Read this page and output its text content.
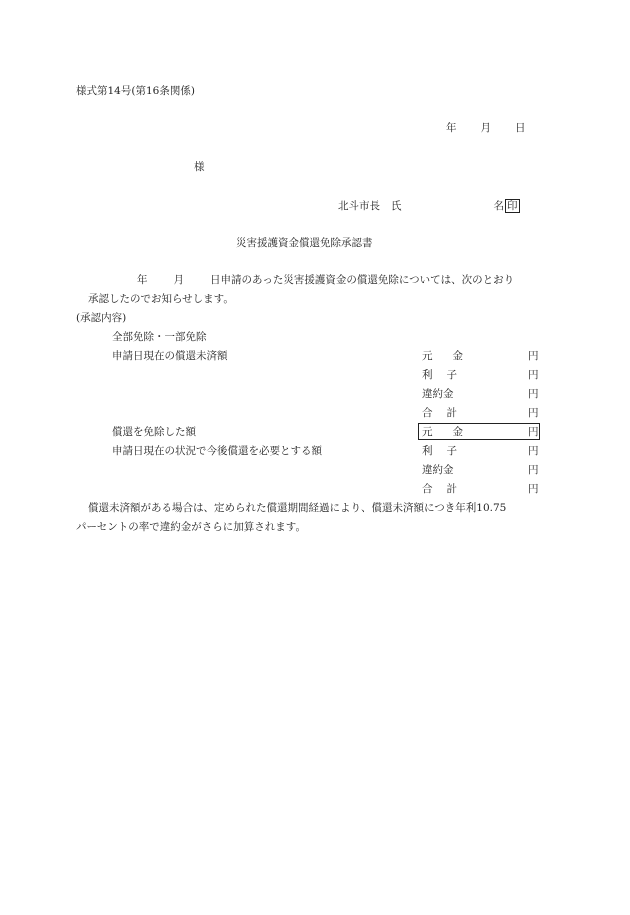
様式第14号(第16条関係)
年 月 日
様
北斗市長 氏	名 印
災害援護資金償還免除承認書
年 月 日申請のあった災害援護資金の償還免除については、次のとおり
承認したのでお知らせします。
(承認内容)
全部免除・一部免除
申請日現在の償還未済額	元 金	円
利 子	円
違約金	円
合 計	円
償還を免除した額	元 金	円
申請日現在の状況で今後償還を必要とする額	利 子	円
違約金	円
合 計	円
償還未済額がある場合は、定められた償還期間経過により、償還未済額につき年利10.75
パーセントの率で違約金がさらに加算されます。
